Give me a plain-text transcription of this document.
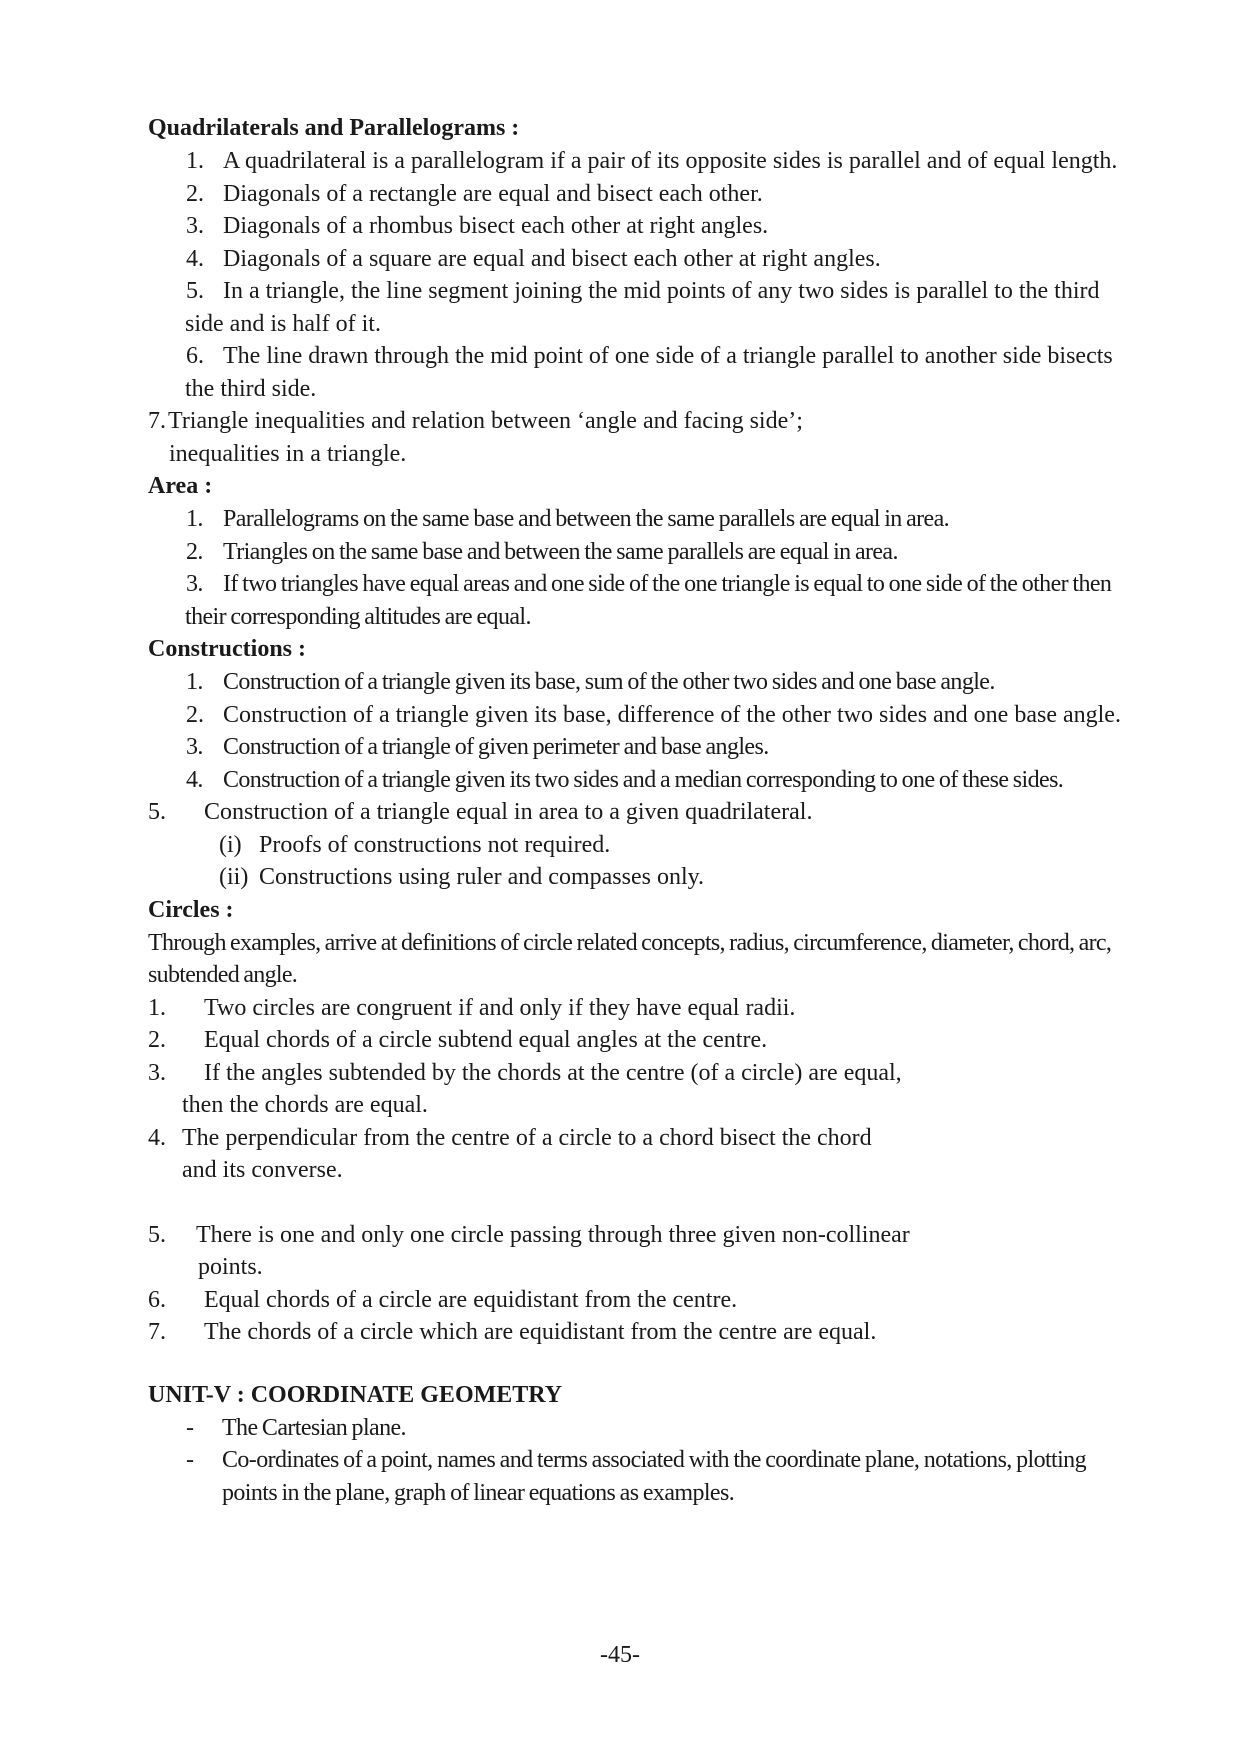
Quadrilaterals and Parallelograms :
1. A quadrilateral is a parallelogram if a pair of its opposite sides is parallel and of equal length.
2. Diagonals of a rectangle are equal and bisect each other.
3. Diagonals of a rhombus bisect each other at right angles.
4. Diagonals of a square are equal and bisect each other at right angles.
5. In a triangle, the line segment joining the mid points of any two sides is parallel to the third side and is half of it.
6. The line drawn through the mid point of one side of a triangle parallel to another side bisects the third side.
7. Triangle inequalities and relation between ‘angle and facing side’;
inequalities in a triangle.
Area :
1. Parallelograms on the same base and between the same parallels are equal in area.
2. Triangles on the same base and between the same parallels are equal in area.
3. If two triangles have equal areas and one side of the one triangle is equal to one side of the other then their corresponding altitudes are equal.
Constructions :
1. Construction of a triangle given its base, sum of the other two sides and one base angle.
2. Construction of a triangle given its base, difference of the other two sides and one base angle.
3. Construction of a triangle of given perimeter and base angles.
4. Construction of a triangle given its two sides and a median corresponding to one of these sides.
5. Construction of a triangle equal in area to a given quadrilateral.
(i) Proofs of constructions not required.
(ii) Constructions using ruler and compasses only.
Circles :
Through examples, arrive at definitions of circle related concepts, radius, circumference, diameter, chord, arc, subtended angle.
1. Two circles are congruent if and only if they have equal radii.
2. Equal chords of a circle subtend equal angles at the centre.
3. If the angles subtended by the chords at the centre (of a circle) are equal,
then the chords are equal.
4. The perpendicular from the centre of a circle to a chord bisect the chord
and its converse.
5. There is one and only one circle passing through three given non-collinear
points.
6. Equal chords of a circle are equidistant from the centre.
7. The chords of a circle which are equidistant from the centre are equal.
UNIT-V : COORDINATE GEOMETRY
- The Cartesian plane.
- Co-ordinates of a point, names and terms associated with the coordinate plane, notations, plotting points in the plane, graph of linear equations as examples.
-45-
